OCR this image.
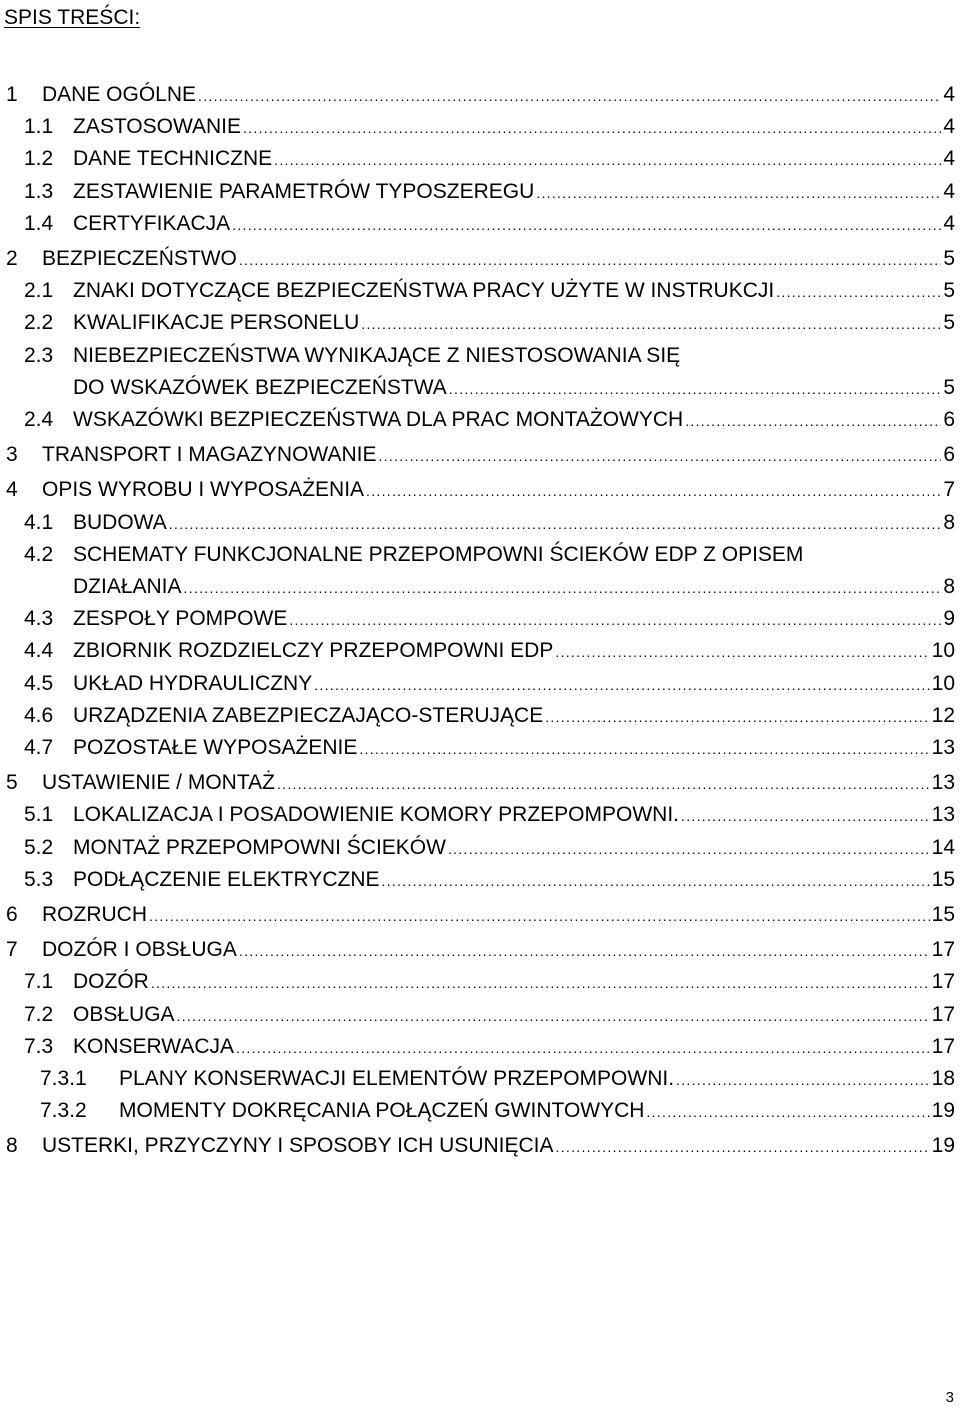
SPIS TREŚCI:
1 DANE OGÓLNE .....	4
1.1 ZASTOSOWANIE .....	4
1.2 DANE TECHNICZNE .....	4
1.3 ZESTAWIENIE PARAMETRÓW TYPOSZEREGU .....	4
1.4 CERTYFIKACJA .....	4
2 BEZPIECZEŃSTWO .....	5
2.1 ZNAKI DOTYCZĄCE BEZPIECZEŃSTWA PRACY UŻYTE W INSTRUKCJI .....	5
2.2 KWALIFIKACJE PERSONELU .....	5
2.3 NIEBEZPIECZEŃSTWA WYNIKAJĄCE Z NIESTOSOWANIA SIĘ
DO WSKAZÓWEK BEZPIECZEŃSTWA .....	5
2.4 WSKAZÓWKI BEZPIECZEŃSTWA DLA PRAC MONTAŻOWYCH .....	6
3 TRANSPORT I MAGAZYNOWANIE .....	6
4 OPIS WYROBU I WYPOSAŻENIA .....	7
4.1 BUDOWA .....	8
4.2 SCHEMATY FUNKCJONALNE PRZEPOMPOWNI ŚCIEKÓW EDP Z OPISEM
DZIAŁANIA .....	8
4.3 ZESPOŁY POMPOWE .....	9
4.4 ZBIORNIK ROZDZIELCZY PRZEPOMPOWNI EDP .....	10
4.5 UKŁAD HYDRAULICZNY .....	10
4.6 URZĄDZENIA ZABEZPIECZAJĄCO-STERUJĄCE .....	12
4.7 POZOSTAŁE WYPOSAŻENIE .....	13
5 USTAWIENIE / MONTAŻ .....	13
5.1 LOKALIZACJA I POSADOWIENIE KOMORY PRZEPOMPOWNI. .....	13
5.2 MONTAŻ PRZEPOMPOWNI ŚCIEKÓW .....	14
5.3 PODŁĄCZENIE ELEKTRYCZNE .....	15
6 ROZRUCH .....	15
7 DOZÓR I OBSŁUGA .....	17
7.1 DOZÓR .....	17
7.2 OBSŁUGA .....	17
7.3 KONSERWACJA .....	17
7.3.1 PLANY KONSERWACJI ELEMENTÓW PRZEPOMPOWNI. .....	18
7.3.2 MOMENTY DOKRĘCANIA POŁĄCZEŃ GWINTOWYCH .....	19
8 USTERKI, PRZYCZYNY I SPOSOBY ICH USUNIĘCIA .....	19
3
